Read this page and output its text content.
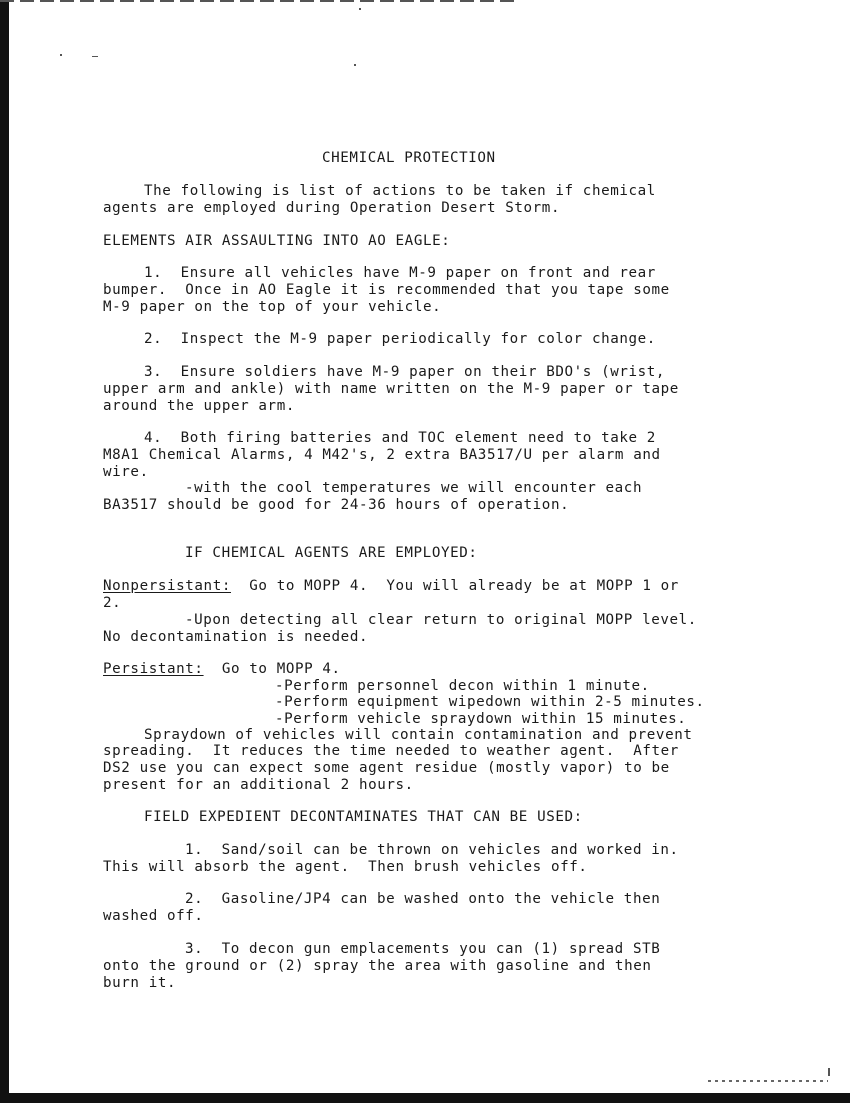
CHEMICAL PROTECTION
The following is list of actions to be taken if chemical
agents are employed during Operation Desert Storm.
ELEMENTS AIR ASSAULTING INTO AO EAGLE:
1.  Ensure all vehicles have M-9 paper on front and rear
bumper.  Once in AO Eagle it is recommended that you tape some
M-9 paper on the top of your vehicle.
2.  Inspect the M-9 paper periodically for color change.
3.  Ensure soldiers have M-9 paper on their BDO's (wrist,
upper arm and ankle) with name written on the M-9 paper or tape
around the upper arm.
4.  Both firing batteries and TOC element need to take 2
M8A1 Chemical Alarms, 4 M42's, 2 extra BA3517/U per alarm and
wire.
-with the cool temperatures we will encounter each
BA3517 should be good for 24-36 hours of operation.
IF CHEMICAL AGENTS ARE EMPLOYED:
Nonpersistant:  Go to MOPP 4.  You will already be at MOPP 1 or
2.
-Upon detecting all clear return to original MOPP level.
No decontamination is needed.
Persistant:  Go to MOPP 4.
-Perform personnel decon within 1 minute.
-Perform equipment wipedown within 2-5 minutes.
-Perform vehicle spraydown within 15 minutes.
Spraydown of vehicles will contain contamination and prevent
spreading.  It reduces the time needed to weather agent.  After
DS2 use you can expect some agent residue (mostly vapor) to be
present for an additional 2 hours.
FIELD EXPEDIENT DECONTAMINATES THAT CAN BE USED:
1.  Sand/soil can be thrown on vehicles and worked in.
This will absorb the agent.  Then brush vehicles off.
2.  Gasoline/JP4 can be washed onto the vehicle then
washed off.
3.  To decon gun emplacements you can (1) spread STB
onto the ground or (2) spray the area with gasoline and then
burn it.
